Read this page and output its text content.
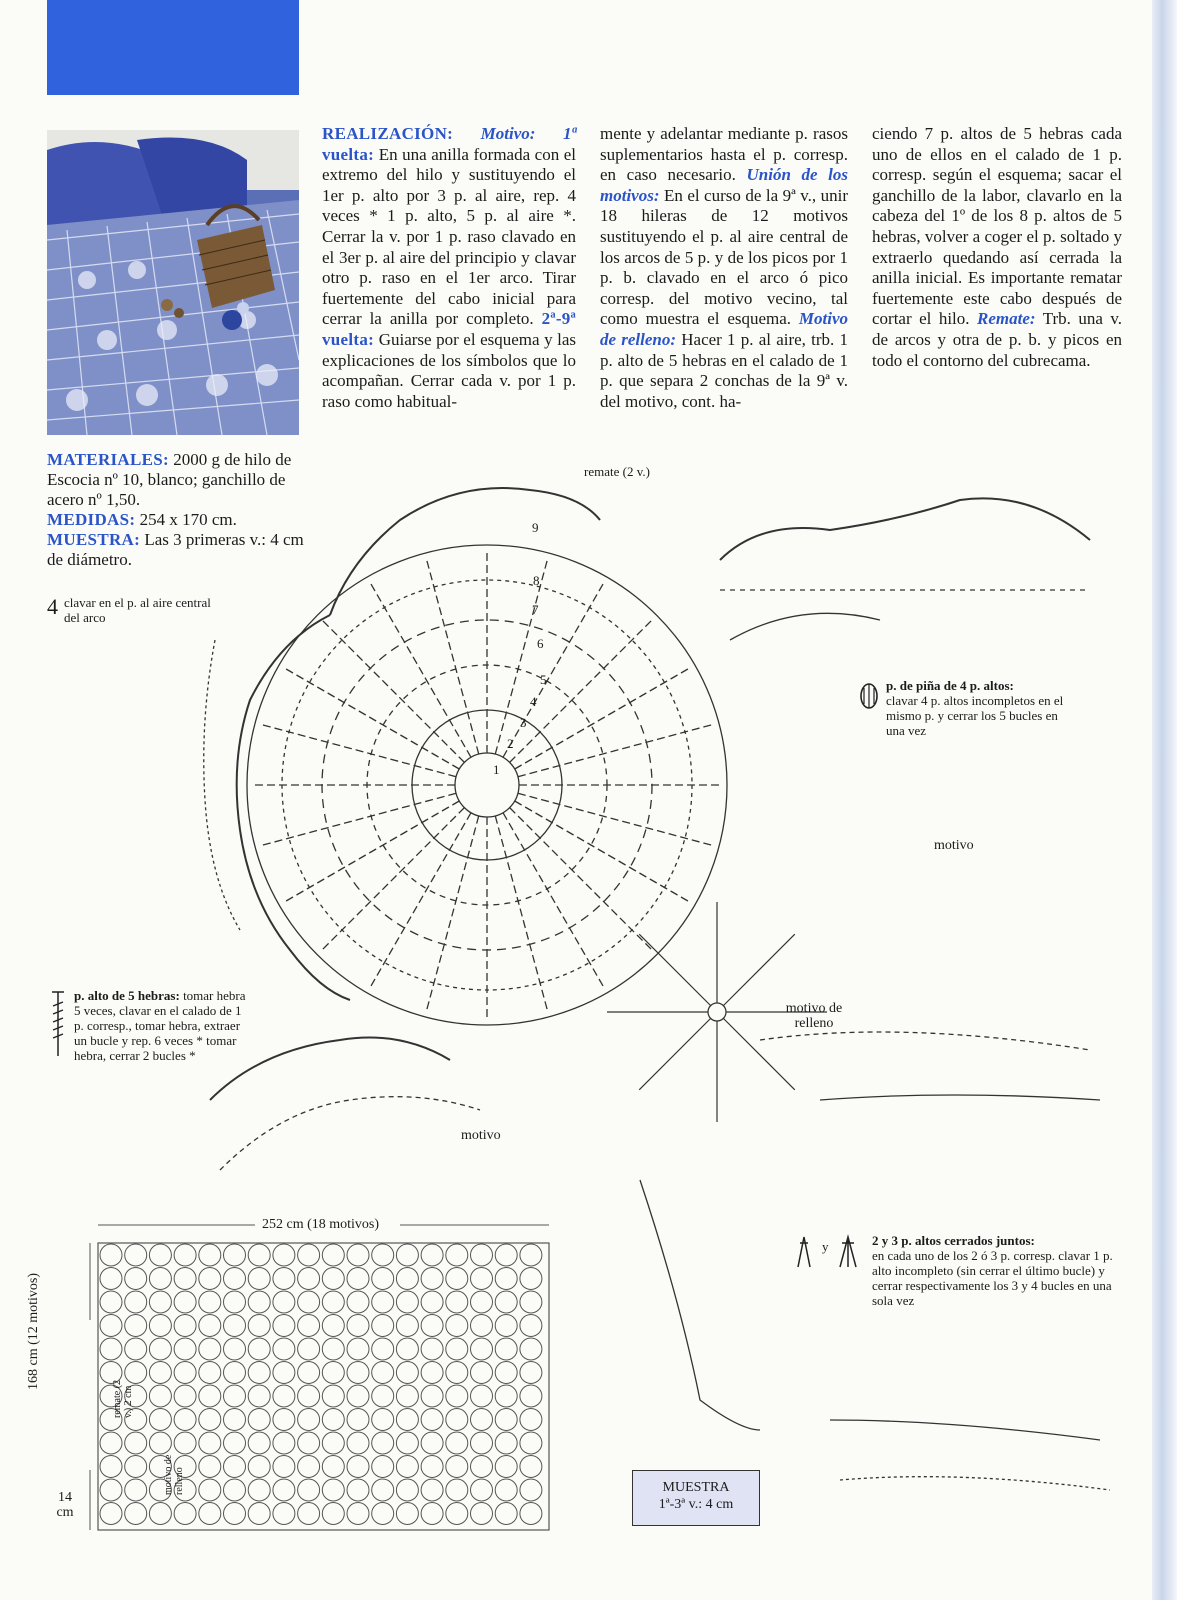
REALIZACIÓN: Motivo: 1ª vuelta: En una anilla formada con el extremo del hilo y sustituyendo el 1er p. alto por 3 p. al aire, rep. 4 veces * 1 p. alto, 5 p. al aire *. Cerrar la v. por 1 p. raso clavado en el 3er p. al aire del principio y clavar otro p. raso en el 1er arco. Tirar fuertemente del cabo inicial para cerrar la anilla por completo. 2ª-9ª vuelta: Guiarse por el esquema y las explicaciones de los símbolos que lo acompañan. Cerrar cada v. por 1 p. raso como habitual-
mente y adelantar mediante p. rasos suplementarios hasta el p. corresp. en caso necesario. Unión de los motivos: En el curso de la 9ª v., unir 18 hileras de 12 motivos sustituyendo el p. al aire central de los arcos de 5 p. y de los picos por 1 p. b. clavado en el arco ó pico corresp. del motivo vecino, tal como muestra el esquema. Motivo de relleno: Hacer 1 p. al aire, trb. 1 p. alto de 5 hebras en el calado de 1 p. que separa 2 conchas de la 9ª v. del motivo, cont. ha-
ciendo 7 p. altos de 5 hebras cada uno de ellos en el calado de 1 p. corresp. según el esquema; sacar el ganchillo de la labor, clavarlo en la cabeza del 1º de los 8 p. altos de 5 hebras, volver a coger el p. soltado y extraerlo quedando así cerrada la anilla inicial. Es importante rematar fuertemente este cabo después de cortar el hilo. Remate: Trb. una v. de arcos y otra de p. b. y picos en todo el contorno del cubrecama.

MATERIALES: 2000 g de hilo de Escocia nº 10, blanco; ganchillo de acero nº 1,50.

MEDIDAS: 254 x 170 cm.

MUESTRA: Las 3 primeras v.: 4 cm de diámetro.

remate (2 v.)
4 clavar en el p. al aire central del arco
p. de piña de 4 p. altos:
clavar 4 p. altos incompletos en el mismo p. y cerrar los 5 bucles en una vez
motivo
p. alto de 5 hebras: tomar hebra 5 veces, clavar en el calado de 1 p. corresp., tomar hebra, extraer un bucle y rep. 6 veces * tomar hebra, cerrar 2 bucles *
motivo de relleno
motivo
y	2 y 3 p. altos cerrados juntos:
en cada uno de los 2 ó 3 p. corresp. clavar 1 p. alto incompleto (sin cerrar el último bucle) y cerrar respectivamente los 3 y 4 bucles en una sola vez
1
2
3
4
5
6
7
8
9
252 cm (18 motivos)
168 cm (12 motivos)
remate (2 v.) 2 cm
motivo de relleno
14 cm
MUESTRA
1ª-3ª v.: 4 cm
